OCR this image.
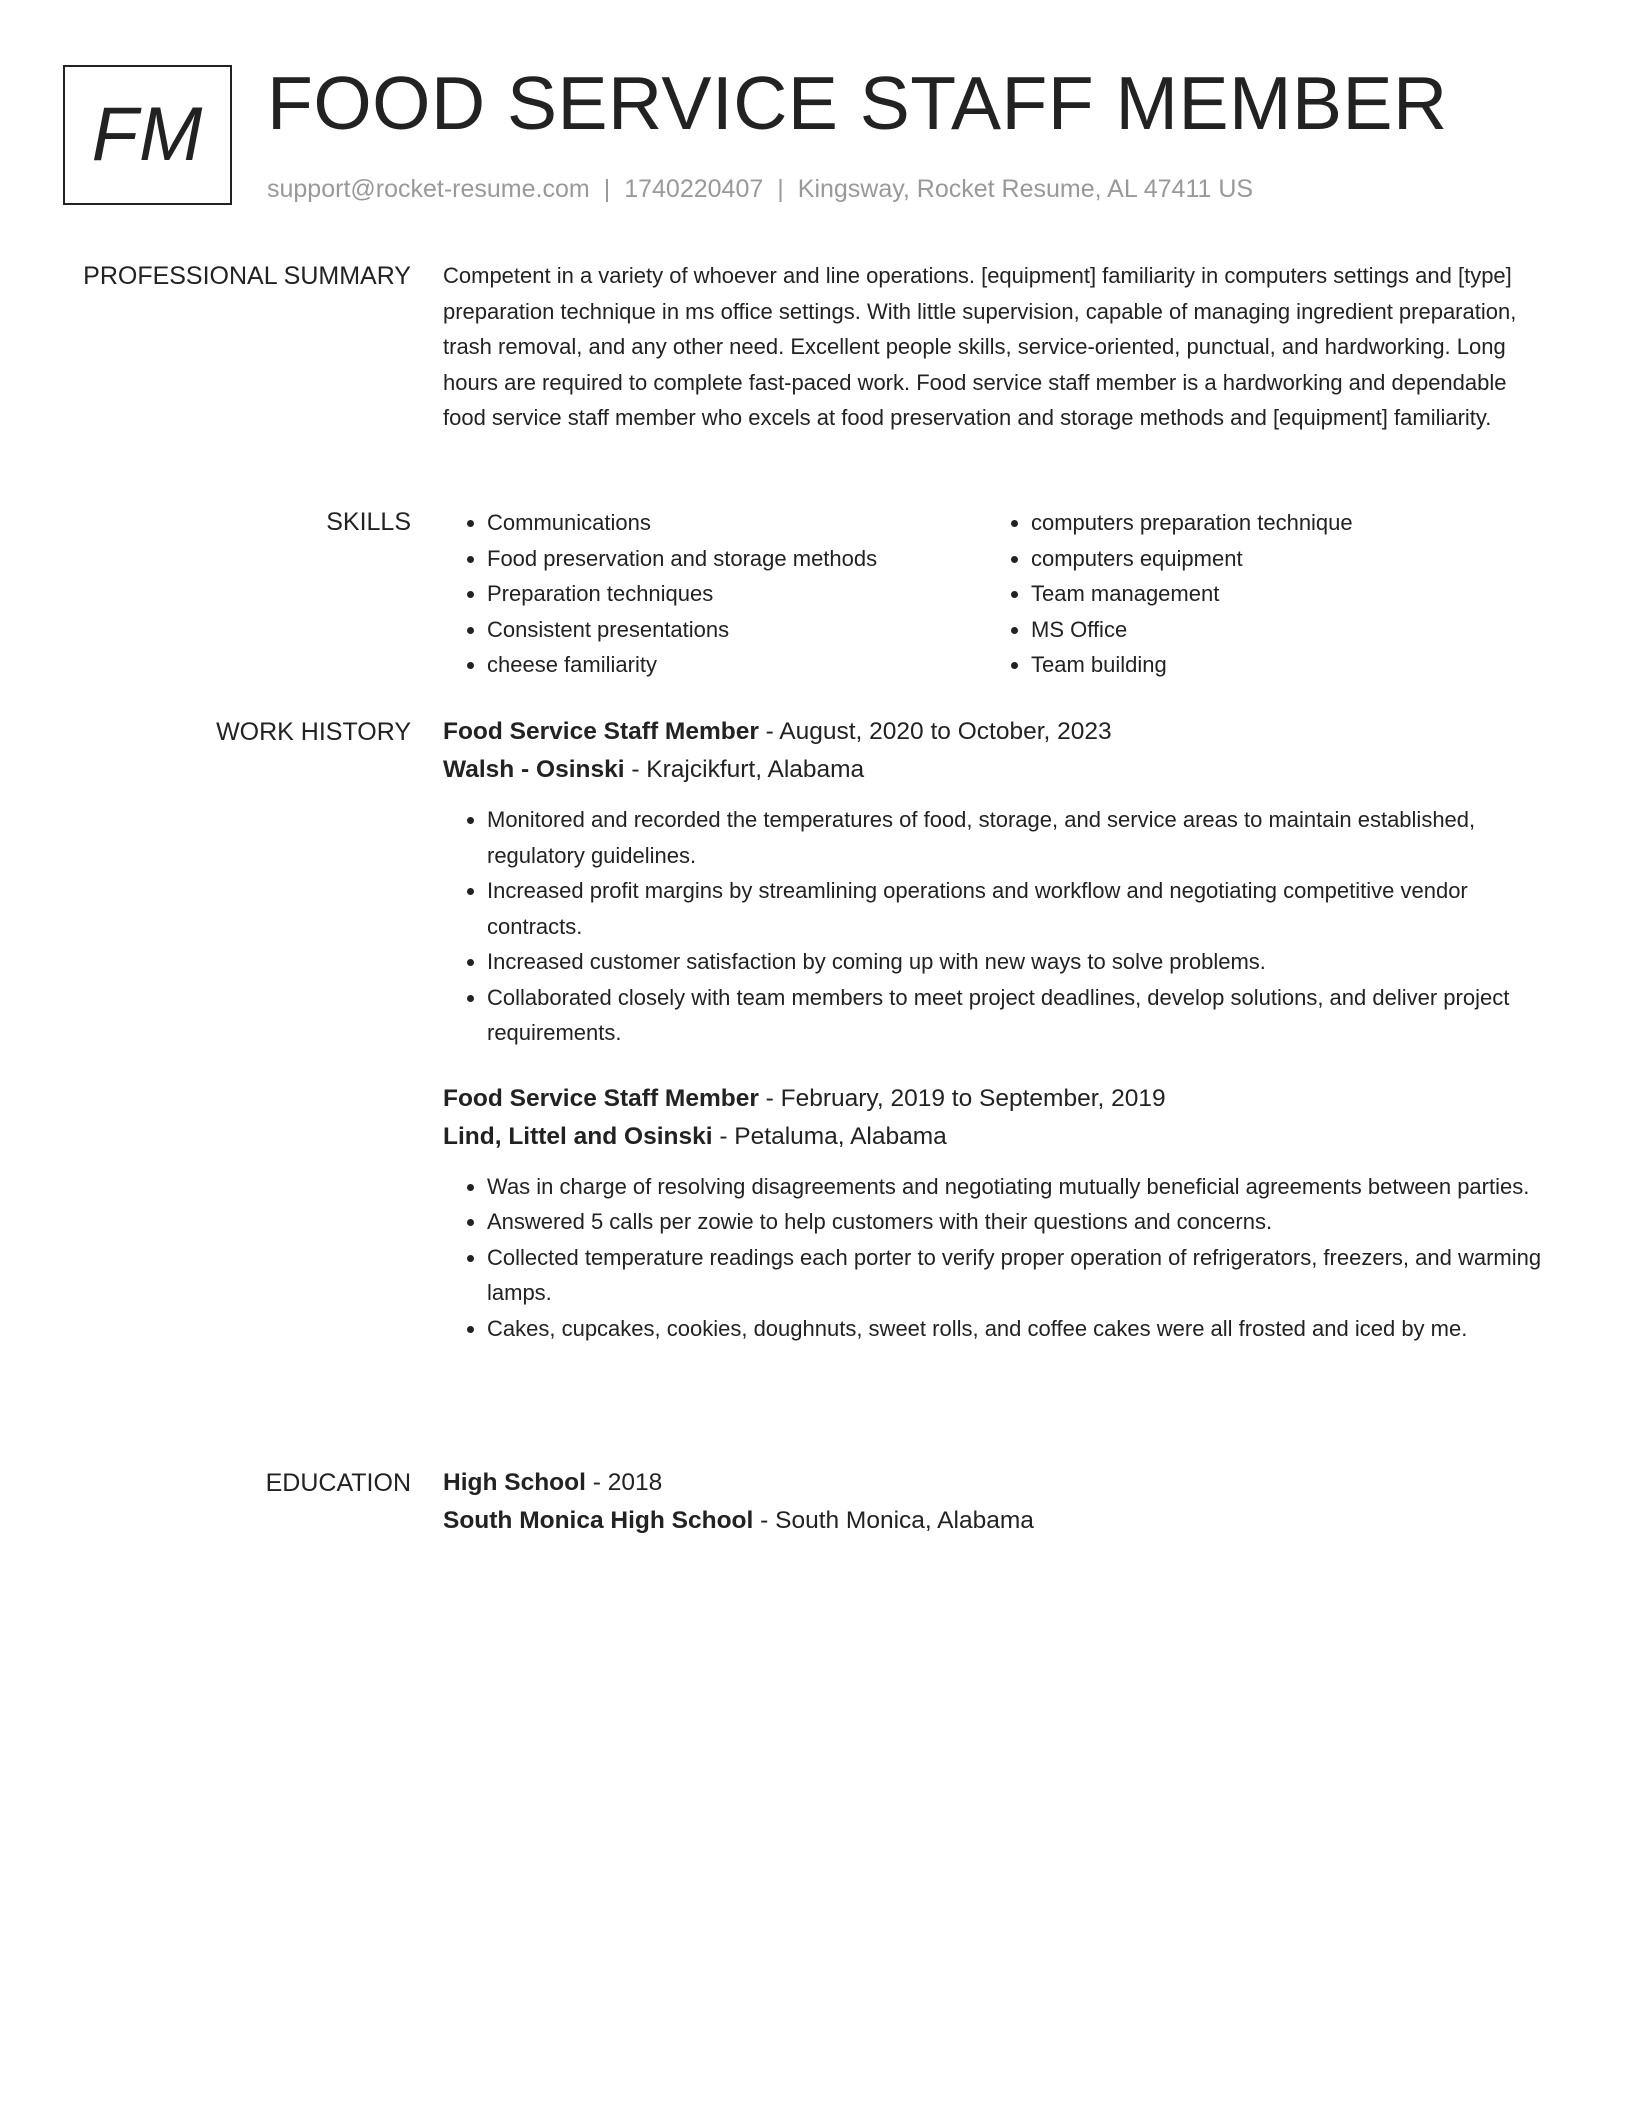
FM FOOD SERVICE STAFF MEMBER
support@rocket-resume.com | 1740220407 | Kingsway, Rocket Resume, AL 47411 US
PROFESSIONAL SUMMARY Competent in a variety of whoever and line operations. [equipment] familiarity in computers settings and [type] preparation technique in ms office settings. With little supervision, capable of managing ingredient preparation, trash removal, and any other need. Excellent people skills, service-oriented, punctual, and hardworking. Long hours are required to complete fast-paced work. Food service staff member is a hardworking and dependable food service staff member who excels at food preservation and storage methods and [equipment] familiarity.

SKILLS
•	Communications
• Food preservation and storage methods
• Preparation techniques
• Consistent presentations
• cheese familiarity
• computers preparation technique
• computers equipment
• Team management
• MS Office
• Team building
WORK HISTORY Food Service Staff Member - August, 2020 to October, 2023
Walsh - Osinski - Krajcikfurt, Alabama
• Monitored and recorded the temperatures of food, storage, and service areas to maintain established, regulatory guidelines.
• Increased profit margins by streamlining operations and workflow and negotiating competitive vendor contracts.
• Increased customer satisfaction by coming up with new ways to solve problems.
• Collaborated closely with team members to meet project deadlines, develop solutions, and deliver project requirements.
Food Service Staff Member - February, 2019 to September, 2019
Lind, Littel and Osinski - Petaluma, Alabama
• Was in charge of resolving disagreements and negotiating mutually beneficial agreements between parties.
• Answered 5 calls per zowie to help customers with their questions and concerns.
• Collected temperature readings each porter to verify proper operation of refrigerators, freezers, and warming lamps.
• Cakes, cupcakes, cookies, doughnuts, sweet rolls, and coffee cakes were all frosted and iced by me.
EDUCATION High School - 2018
South Monica High School - South Monica, Alabama
